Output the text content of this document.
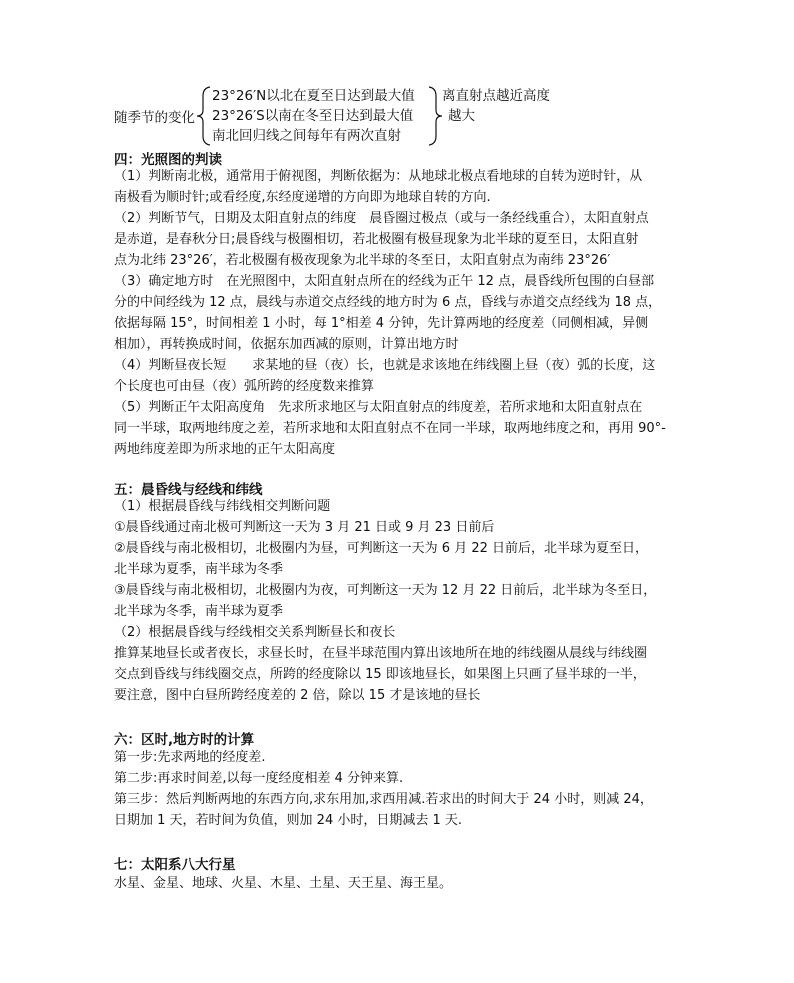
随季节的变化
23°26′N以北在夏至日达到最大值
23°26′S以南在冬至日达到最大值
南北回归线之间每年有两次直射
离直射点越近高度
越大
四：光照图的判读
（1）判断南北极，通常用于俯视图，判断依据为：从地球北极点看地球的自转为逆时针，从
南极看为顺时针;或看经度,东经度递增的方向即为地球自转的方向.
（2）判断节气，日期及太阳直射点的纬度　晨昏圈过极点（或与一条经线重合），太阳直射点
是赤道，是春秋分日;晨昏线与极圈相切，若北极圈有极昼现象为北半球的夏至日，太阳直射
点为北纬 23°26′，若北极圈有极夜现象为北半球的冬至日，太阳直射点为南纬 23°26′
（3）确定地方时　在光照图中，太阳直射点所在的经线为正午 12 点，晨昏线所包围的白昼部
分的中间经线为 12 点，晨线与赤道交点经线的地方时为 6 点，昏线与赤道交点经线为 18 点，
依据每隔 15°，时间相差 1 小时，每 1°相差 4 分钟，先计算两地的经度差（同侧相减，异侧
相加），再转换成时间，依据东加西减的原则，计算出地方时
（4）判断昼夜长短　　求某地的昼（夜）长，也就是求该地在纬线圈上昼（夜）弧的长度，这
个长度也可由昼（夜）弧所跨的经度数来推算
（5）判断正午太阳高度角　先求所求地区与太阳直射点的纬度差，若所求地和太阳直射点在
同一半球，取两地纬度之差，若所求地和太阳直射点不在同一半球，取两地纬度之和，再用 90°-
两地纬度差即为所求地的正午太阳高度
五：晨昏线与经线和纬线
（1）根据晨昏线与纬线相交判断问题
①晨昏线通过南北极可判断这一天为 3 月 21 日或 9 月 23 日前后
②晨昏线与南北极相切，北极圈内为昼，可判断这一天为 6 月 22 日前后，北半球为夏至日，
北半球为夏季，南半球为冬季
③晨昏线与南北极相切，北极圈内为夜，可判断这一天为 12 月 22 日前后，北半球为冬至日，
北半球为冬季，南半球为夏季
（2）根据晨昏线与经线相交关系判断昼长和夜长
推算某地昼长或者夜长，求昼长时，在昼半球范围内算出该地所在地的纬线圈从晨线与纬线圈
交点到昏线与纬线圈交点，所跨的经度除以 15 即该地昼长，如果图上只画了昼半球的一半，
要注意，图中白昼所跨经度差的 2 倍，除以 15 才是该地的昼长
六：区时,地方时的计算
第一步:先求两地的经度差.
第二步:再求时间差,以每一度经度相差 4 分钟来算.
第三步：然后判断两地的东西方向,求东用加,求西用减.若求出的时间大于 24 小时，则减 24，
日期加 1 天，若时间为负值，则加 24 小时，日期减去 1 天.
七：太阳系八大行星
水星、金星、地球、火星、木星、土星、天王星、海王星。
